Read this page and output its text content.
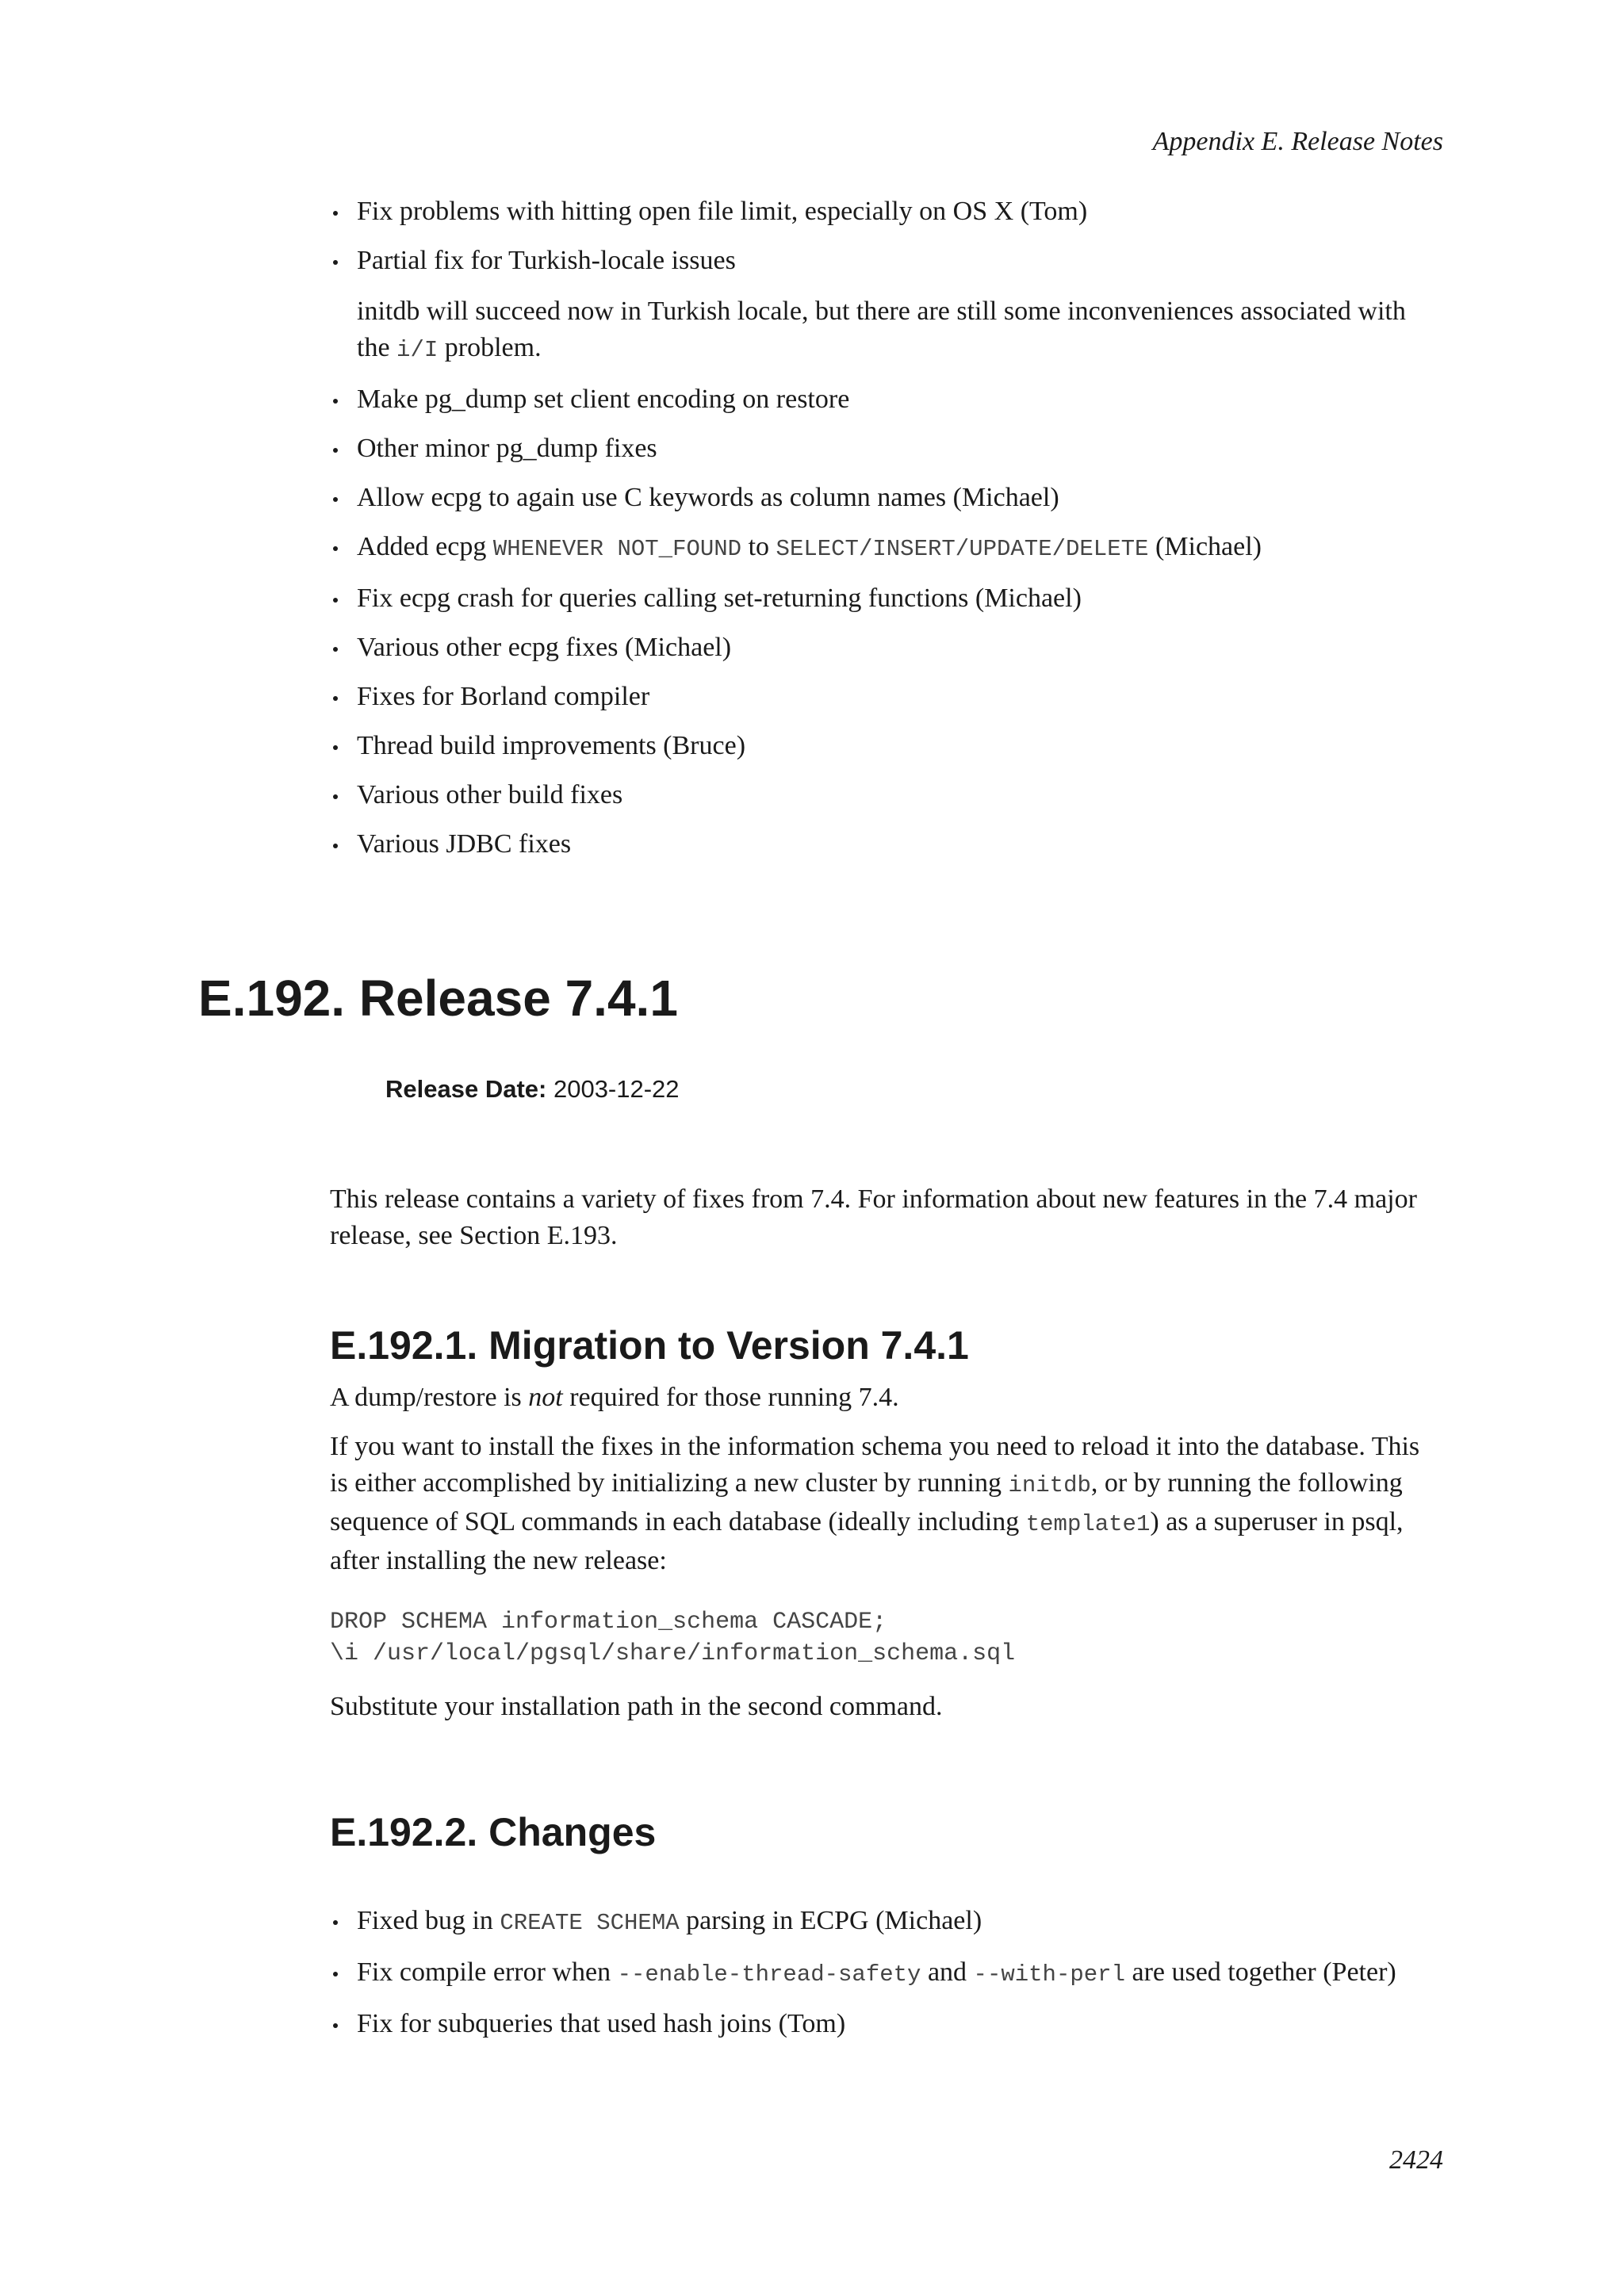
Appendix E. Release Notes
Fix problems with hitting open file limit, especially on OS X (Tom)
Partial fix for Turkish-locale issues
initdb will succeed now in Turkish locale, but there are still some inconveniences associated with the i/I problem.
Make pg_dump set client encoding on restore
Other minor pg_dump fixes
Allow ecpg to again use C keywords as column names (Michael)
Added ecpg WHENEVER NOT_FOUND to SELECT/INSERT/UPDATE/DELETE (Michael)
Fix ecpg crash for queries calling set-returning functions (Michael)
Various other ecpg fixes (Michael)
Fixes for Borland compiler
Thread build improvements (Bruce)
Various other build fixes
Various JDBC fixes
E.192. Release 7.4.1
Release Date: 2003-12-22

This release contains a variety of fixes from 7.4. For information about new features in the 7.4 major release, see Section E.193.

E.192.1. Migration to Version 7.4.1

A dump/restore is not required for those running 7.4.

If you want to install the fixes in the information schema you need to reload it into the database. This is either accomplished by initializing a new cluster by running initdb, or by running the following sequence of SQL commands in each database (ideally including template1) as a superuser in psql, after installing the new release:

DROP SCHEMA information_schema CASCADE;
\i /usr/local/pgsql/share/information_schema.sql

Substitute your installation path in the second command.

E.192.2. Changes
Fixed bug in CREATE SCHEMA parsing in ECPG (Michael)
Fix compile error when --enable-thread-safety and --with-perl are used together (Peter)
Fix for subqueries that used hash joins (Tom)
2424
